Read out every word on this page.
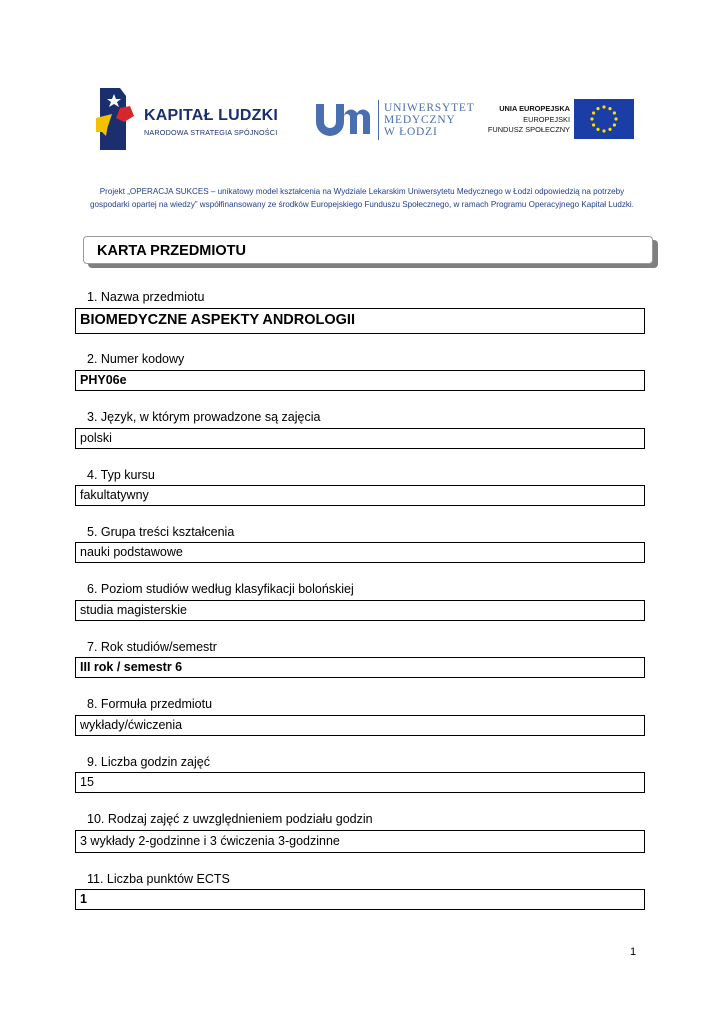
KAPITAŁ LUDZKI
NARODOWA STRATEGIA SPÓJNOŚCI
UNIWERSYTET
MEDYCZNY
W ŁODZI
UNIA EUROPEJSKA
EUROPEJSKI
FUNDUSZ SPOŁECZNY
Projekt „OPERACJA SUKCES – unikatowy model kształcenia na Wydziale Lekarskim Uniwersytetu Medycznego w Łodzi odpowiedzią na potrzeby gospodarki opartej na wiedzy” współfinansowany ze środków Europejskiego Funduszu Społecznego, w ramach Programu Operacyjnego Kapitał Ludzki.
KARTA PRZEDMIOTU
1. Nazwa przedmiotu
BIOMEDYCZNE ASPEKTY ANDROLOGII
2. Numer kodowy
PHY06e
3. Język, w którym prowadzone są zajęcia
polski
4. Typ kursu
fakultatywny
5. Grupa treści kształcenia
nauki podstawowe
6. Poziom studiów według klasyfikacji bolońskiej
studia magisterskie
7. Rok studiów/semestr
III rok / semestr 6
8. Formuła przedmiotu
wykłady/ćwiczenia
9. Liczba godzin zajęć
15
10. Rodzaj zajęć z uwzględnieniem podziału godzin
3 wykłady 2-godzinne i 3 ćwiczenia 3-godzinne
11. Liczba punktów ECTS
1
1
